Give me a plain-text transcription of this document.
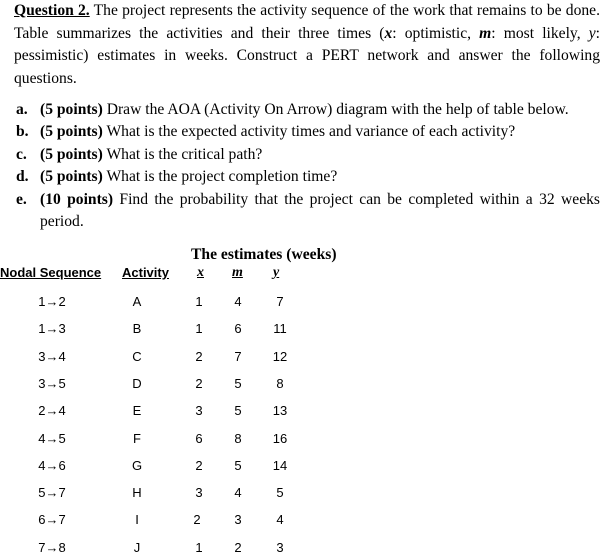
Question 2. The project represents the activity sequence of the work that remains to be done. Table summarizes the activities and their three times (x: optimistic, m: most likely, y: pessimistic) estimates in weeks. Construct a PERT network and answer the following questions.
a. (5 points) Draw the AOA (Activity On Arrow) diagram with the help of table below.
b. (5 points) What is the expected activity times and variance of each activity?
c. (5 points) What is the critical path?
d. (5 points) What is the project completion time?
e. (10 points) Find the probability that the project can be completed within a 32 weeks period.
The estimates (weeks)
Nodal Sequence Activity x m y
1→2	A	1 4	7
1→3	B	1 6 11
3→4	C	2 7 12
3→5	D	2 5	8
2→4	E	3 5 13
4→5	F	6 8 16
4→6	G	2 5 14
5→7	H	3 4	5
6→7	I	2	3	4
7→8	J	1 2	3
